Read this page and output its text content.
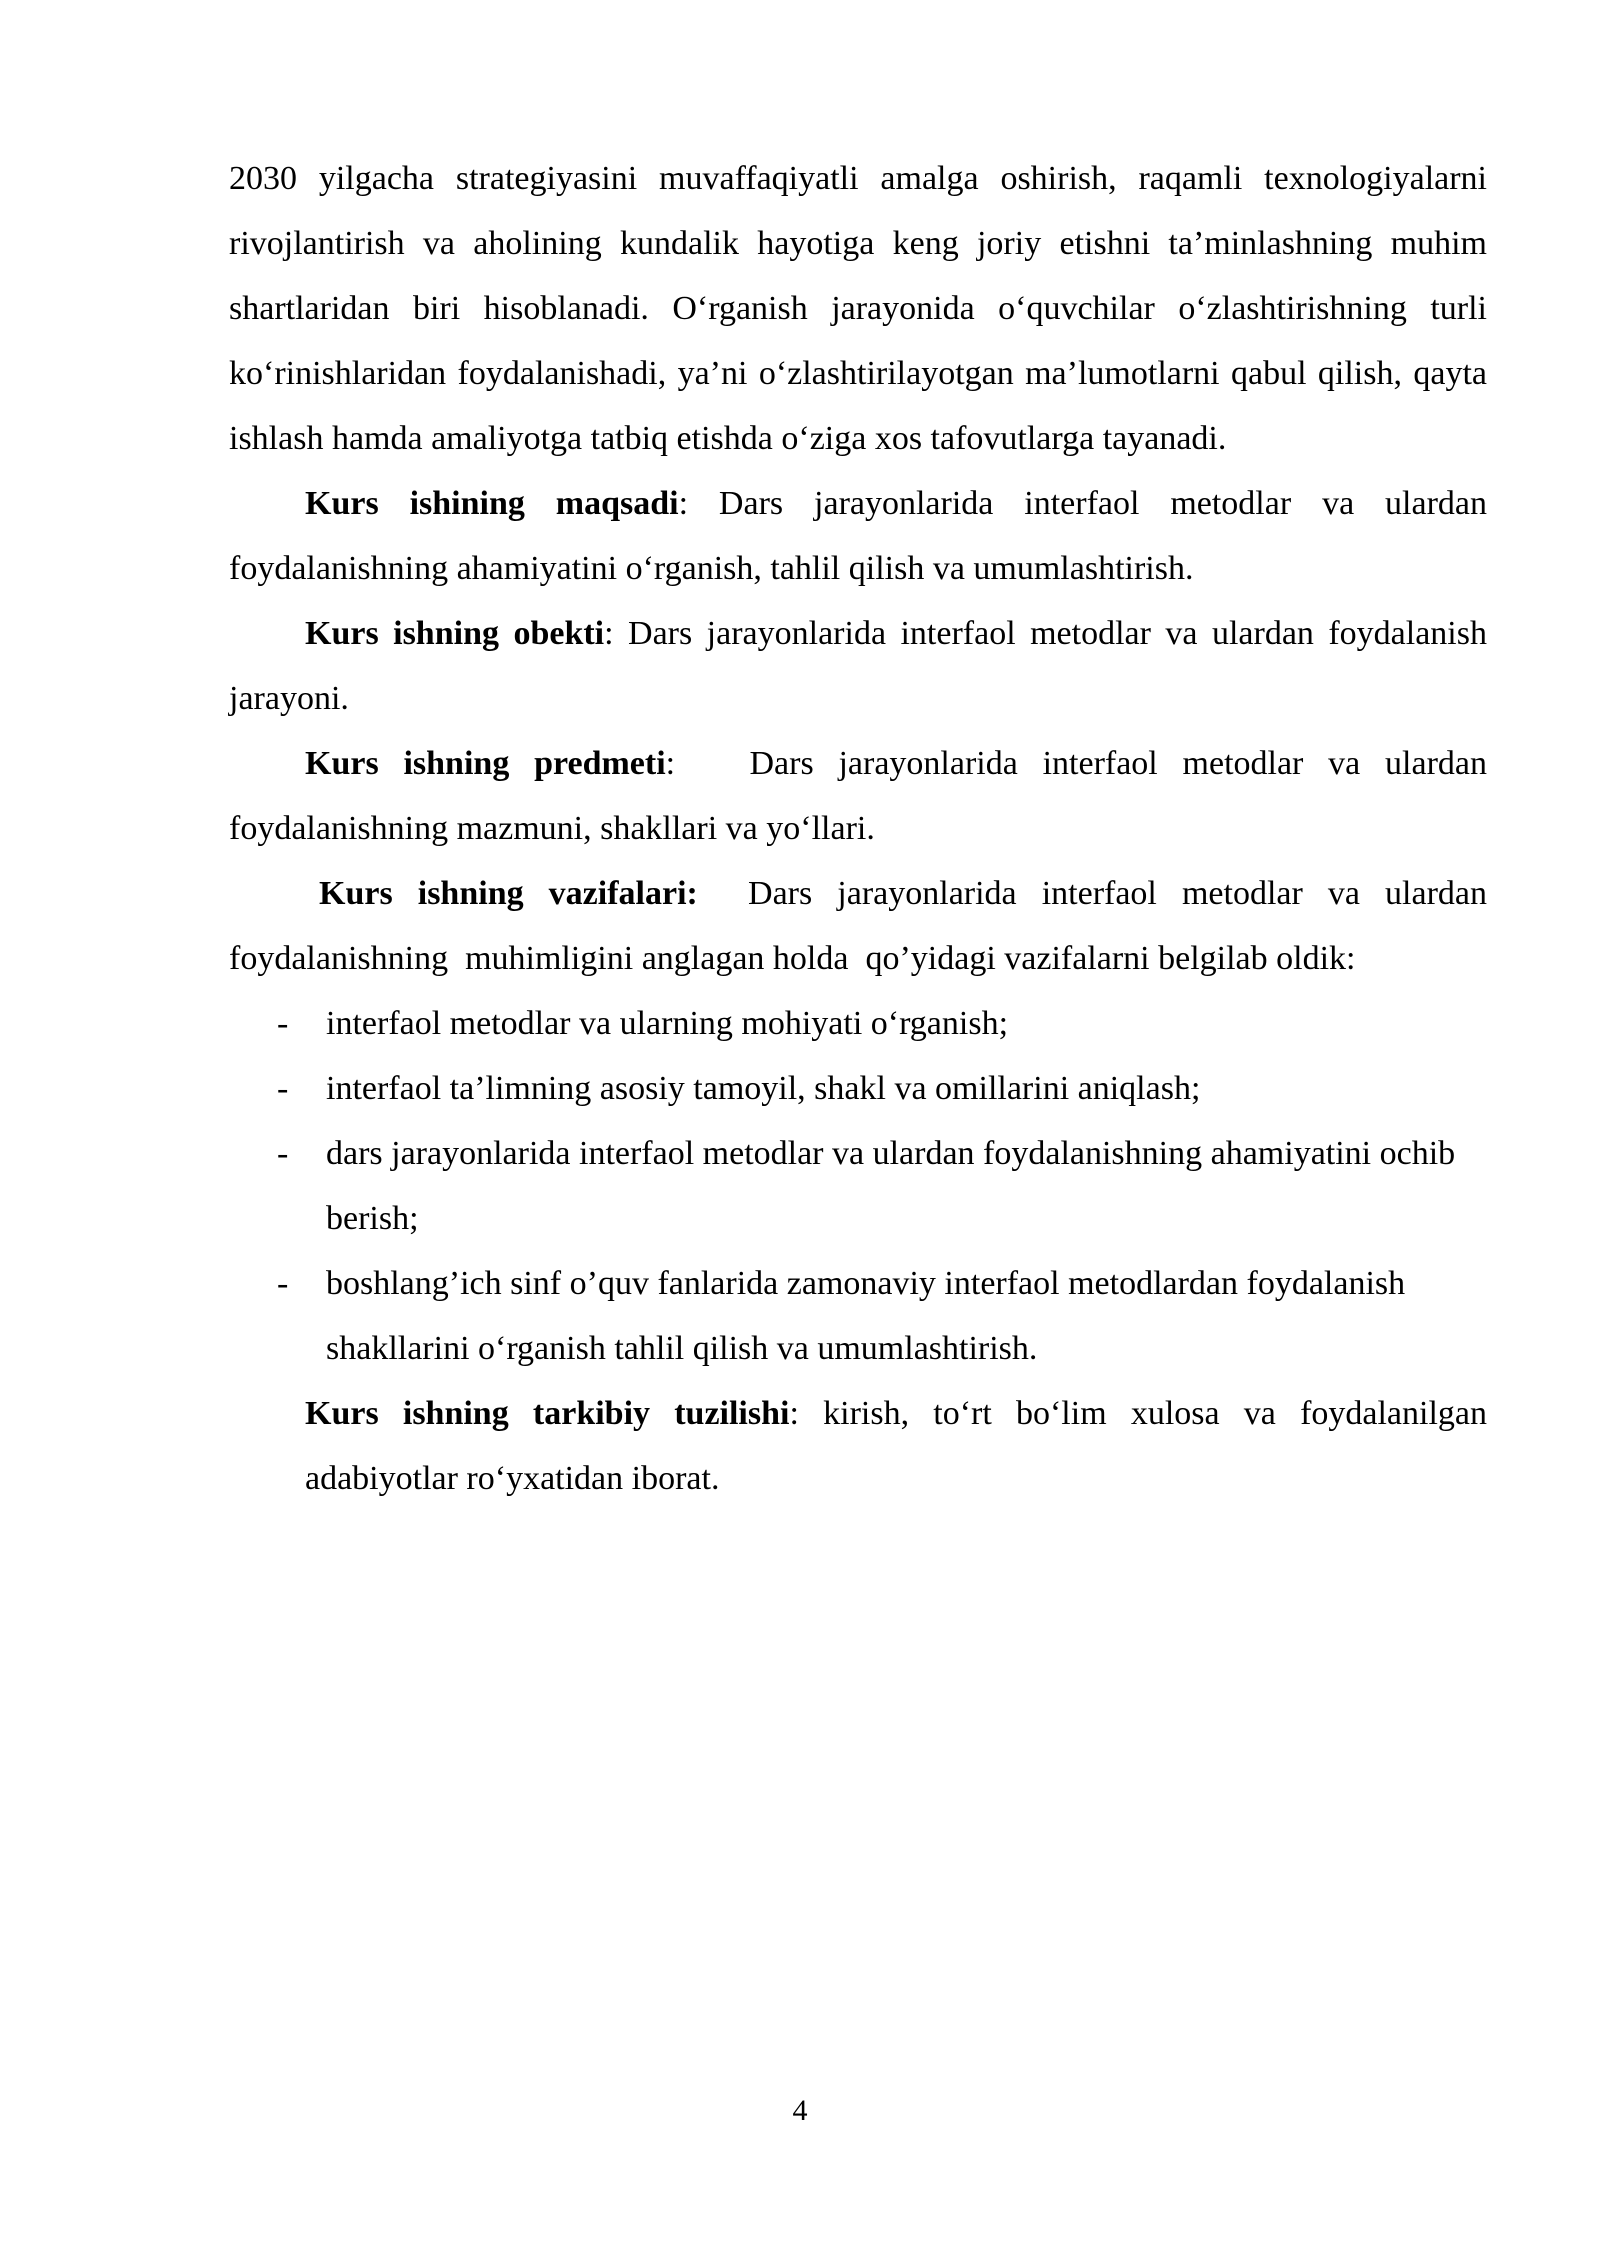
2030 yilgacha strategiyasini muvaffaqiyatli amalga oshirish, raqamli texnologiyalarni rivojlantirish va aholining kundalik hayotiga keng joriy etishni ta’minlashning muhim shartlaridan biri hisoblanadi. O‘rganish jarayonida o‘quvchilar o‘zlashtirishning turli ko‘rinishlaridan foydalanishadi, ya’ni o‘zlashtirilayotgan ma’lumotlarni qabul qilish, qayta ishlash hamda amaliyotga tatbiq etishda o‘ziga xos tafovutlarga tayanadi.

Kurs ishining maqsadi: Dars jarayonlarida interfaol metodlar va ulardan foydalanishning ahamiyatini o‘rganish, tahlil qilish va umumlashtirish.

Kurs ishning obekti: Dars jarayonlarida interfaol metodlar va ulardan foydalanish jarayoni.

Kurs ishning predmeti:   Dars jarayonlarida interfaol metodlar va ulardan foydalanishning mazmuni, shakllari va yo‘llari.

Kurs ishning vazifalari:  Dars jarayonlarida interfaol metodlar va ulardan foydalanishning  muhimligini anglagan holda  qo’yidagi vazifalarni belgilab oldik:

- interfaol metodlar va ularning mohiyati o‘rganish;
- interfaol ta’limning asosiy tamoyil, shakl va omillarini aniqlash;
- dars jarayonlarida interfaol metodlar va ulardan foydalanishning ahamiyatini ochib berish;
- boshlang’ich sinf o’quv fanlarida zamonaviy interfaol metodlardan foydalanish shakllarini o‘rganish tahlil qilish va umumlashtirish.

Kurs ishning tarkibiy tuzilishi: kirish, to‘rt bo‘lim xulosa va foydalanilgan adabiyotlar ro‘yxatidan iborat.

4
